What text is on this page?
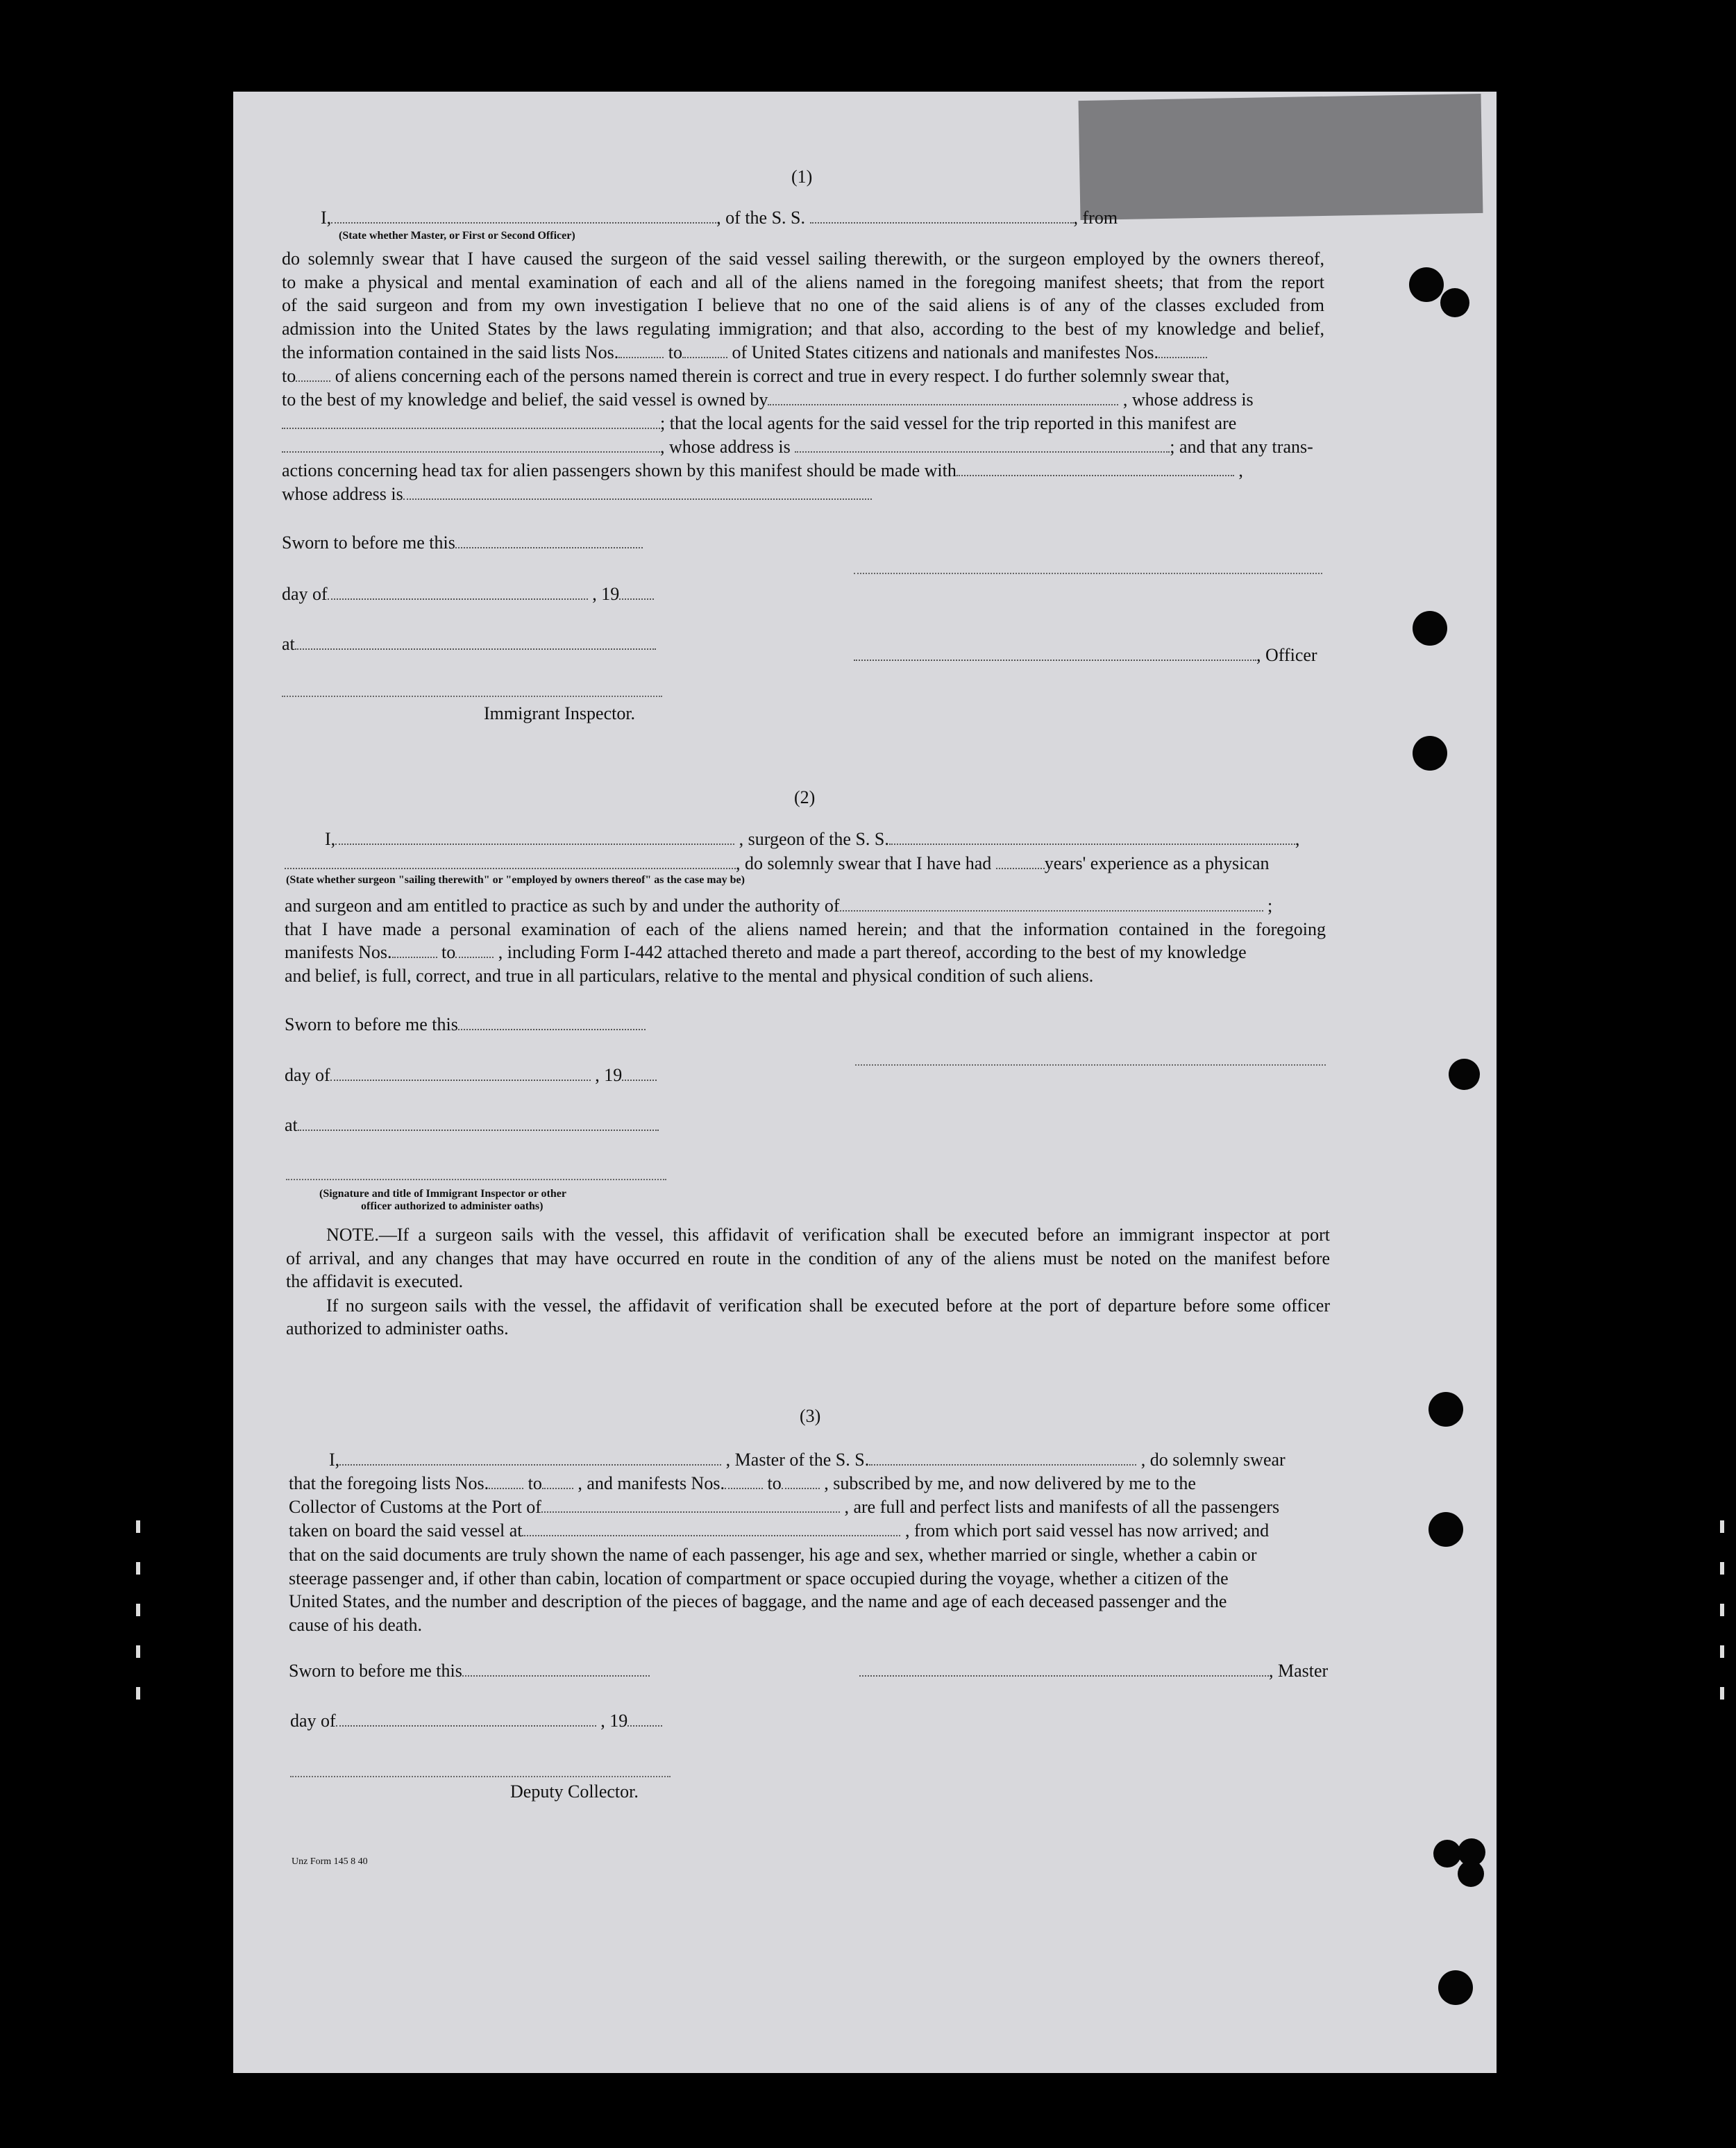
(1)
I,	, of the S. S.	, from
(State whether Master, or First or Second Officer)
do solemnly swear that I have caused the surgeon of the said vessel sailing therewith, or the surgeon employed by the owners thereof,
to make a physical and mental examination of each and all of the aliens named in the foregoing manifest sheets; that from the report
of the said surgeon and from my own investigation I believe that no one of the said aliens is of any of the classes excluded from
admission into the United States by the laws regulating immigration; and that also, according to the best of my knowledge and belief,
the information contained in the said lists Nos.	to	of United States citizens and nationals and manifestes Nos.
to of aliens concerning each of the persons named therein is correct and true in every respect. I do further solemnly swear that,
to the best of my knowledge and belief, the said vessel is owned by	, whose address is
; that the local agents for the said vessel for the trip reported in this manifest are
, whose address is	; and that any trans-
actions concerning head tax for alien passengers shown by this manifest should be made with	,
whose address is
Sworn to before me this
day of	, 19
at
, Officer
Immigrant Inspector.
(2)
I,	, surgeon of the S. S.	,
, do solemnly swear that I have had	years' experience as a physican
(State whether surgeon "sailing therewith" or "employed by owners thereof" as the case may be)
and surgeon and am entitled to practice as such by and under the authority of	;
that I have made a personal examination of each of the aliens named herein; and that the information contained in the foregoing
manifests Nos.	to , including Form I-442 attached thereto and made a part thereof, according to the best of my knowledge
and belief, is full, correct, and true in all particulars, relative to the mental and physical condition of such aliens.
Sworn to before me this
day of	, 19
at
(Signature and title of Immigrant Inspector or other
officer authorized to administer oaths)
NOTE.—If a surgeon sails with the vessel, this affidavit of verification shall be executed before an immigrant inspector at port
of arrival, and any changes that may have occurred en route in the condition of any of the aliens must be noted on the manifest before
the affidavit is executed.
If no surgeon sails with the vessel, the affidavit of verification shall be executed before at the port of departure before some officer
authorized to administer oaths.
(3)
I,	, Master of the S. S.	, do solemnly swear
that the foregoing lists Nos. to , and manifests Nos. to , subscribed by me, and now delivered by me to the
Collector of Customs at the Port of	, are full and perfect lists and manifests of all the passengers
taken on board the said vessel at	, from which port said vessel has now arrived; and
that on the said documents are truly shown the name of each passenger, his age and sex, whether married or single, whether a cabin or
steerage passenger and, if other than cabin, location of compartment or space occupied during the voyage, whether a citizen of the
United States, and the number and description of the pieces of baggage, and the name and age of each deceased passenger and the
cause of his death.
Sworn to before me this	, Master
day of	, 19
Deputy Collector.
Unz Form 145 8 40
